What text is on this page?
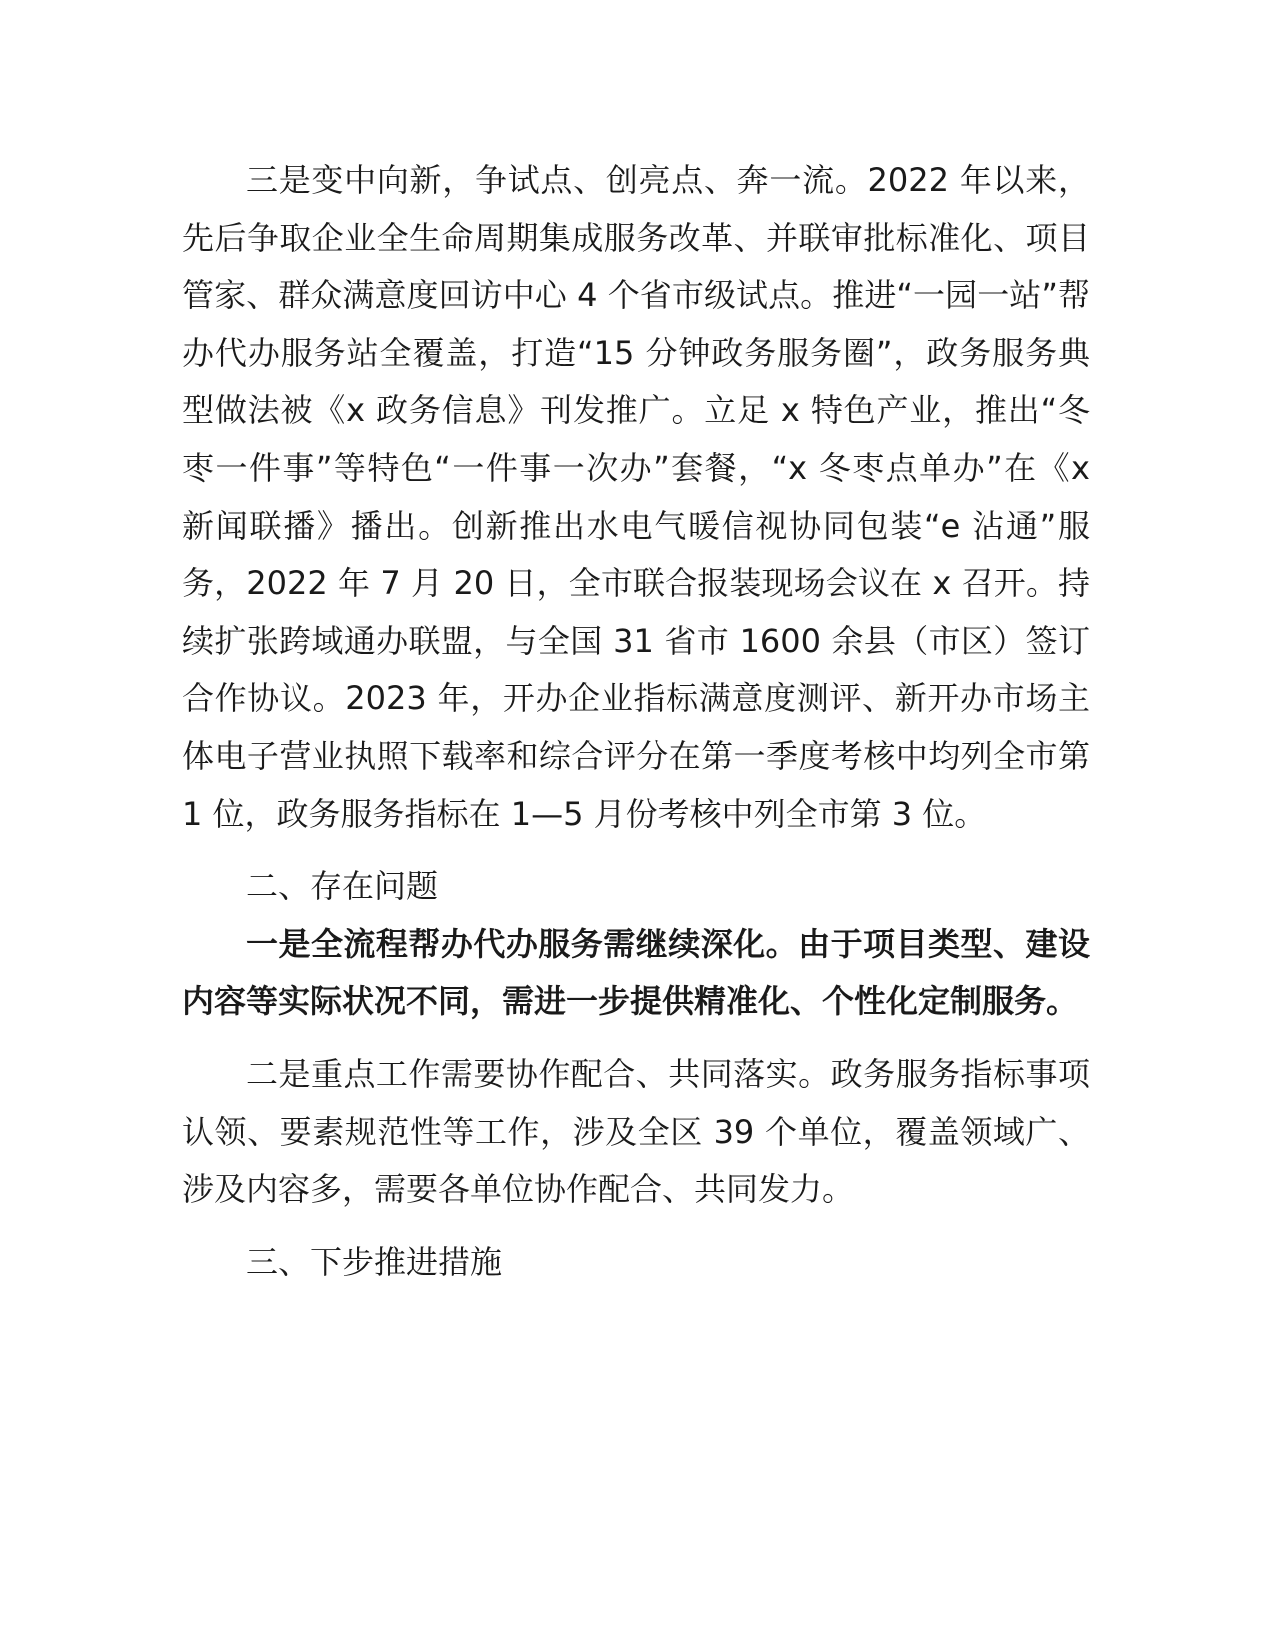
三是变中向新，争试点、创亮点、奔一流。2022 年以来，先后争取企业全生命周期集成服务改革、并联审批标准化、项目管家、群众满意度回访中心 4 个省市级试点。推进“一园一站”帮办代办服务站全覆盖，打造“15 分钟政务服务圈”，政务服务典型做法被《x 政务信息》刊发推广。立足 x 特色产业，推出“冬枣一件事”等特色“一件事一次办”套餐，“x 冬枣点单办”在《x 新闻联播》播出。创新推出水电气暖信视协同包装“e 沾通”服务，2022 年 7 月 20 日，全市联合报装现场会议在 x 召开。持续扩张跨域通办联盟，与全国 31 省市 1600 余县（市区）签订合作协议。2023 年，开办企业指标满意度测评、新开办市场主体电子营业执照下载率和综合评分在第一季度考核中均列全市第 1 位，政务服务指标在 1—5 月份考核中列全市第 3 位。

二、存在问题

一是全流程帮办代办服务需继续深化。由于项目类型、建设内容等实际状况不同，需进一步提供精准化、个性化定制服务。

二是重点工作需要协作配合、共同落实。政务服务指标事项认领、要素规范性等工作，涉及全区 39 个单位，覆盖领域广、涉及内容多，需要各单位协作配合、共同发力。

三、下步推进措施
